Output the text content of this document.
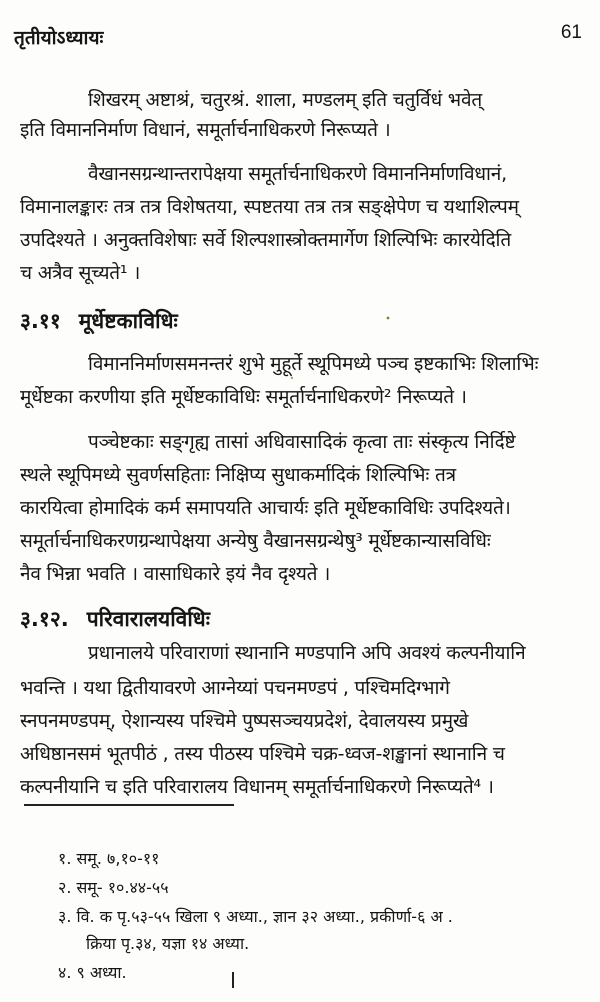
तृतीयोऽध्यायः	61
शिखरम् अष्टाश्रं, चतुरश्रं. शाला, मण्डलम् इति चतुर्विधं भवेत्
इति विमाननिर्माण विधानं, समूर्तार्चनाधिकरणे निरूप्यते ।
वैखानसग्रन्थान्तरापेक्षया समूर्तार्चनाधिकरणे विमाननिर्माणविधानं,
विमानालङ्कारः तत्र तत्र विशेषतया, स्पष्टतया तत्र तत्र सङ्क्षेपेण च यथाशिल्पम्
उपदिश्यते । अनुक्तविशेषाः सर्वे शिल्पशास्त्रोक्तमार्गेण शिल्पिभिः कारयेदिति
च अत्रैव सूच्यते¹ ।
३.११ मूर्धेष्टकाविधिः
विमाननिर्माणसमनन्तरं शुभे मुहूर्ते स्थूपिमध्ये पञ्च इष्टकाभिः शिलाभिः
मूर्धेष्टका करणीया इति मूर्धेष्टकाविधिः समूर्तार्चनाधिकरणे² निरूप्यते ।
पञ्चेष्टकाः सङ्गृह्य तासां अधिवासादिकं कृत्वा ताः संस्कृत्य निर्दिष्टे
स्थले स्थूपिमध्ये सुवर्णसहिताः निक्षिप्य सुधाकर्मादिकं शिल्पिभिः तत्र
कारयित्वा होमादिकं कर्म समापयति आचार्यः इति मूर्धेष्टकाविधिः उपदिश्यते।
समूर्तार्चनाधिकरणग्रन्थापेक्षया अन्येषु वैखानसग्रन्थेषु³ मूर्धेष्टकान्यासविधिः
नैव भिन्ना भवति । वासाधिकारे इयं नैव दृश्यते ।
३.१२. परिवारालयविधिः
प्रधानालये परिवाराणां स्थानानि मण्डपानि अपि अवश्यं कल्पनीयानि
भवन्ति । यथा द्वितीयावरणे आग्नेय्यां पचनमण्डपं , पश्चिमदिग्भागे
स्नपनमण्डपम्, ऐशान्यस्य पश्चिमे पुष्पसञ्चयप्रदेशं, देवालयस्य प्रमुखे
अधिष्ठानसमं भूतपीठं , तस्य पीठस्य पश्चिमे चक्र-ध्वज-शङ्खानां स्थानानि च
कल्पनीयानि च इति परिवारालय विधानम् समूर्तार्चनाधिकरणे निरूप्यते⁴ ।
१. समू. ७,१०-११
२. समू- १०.४४-५५
३. वि. क पृ.५३-५५ खिला ९ अध्या., ज्ञान ३२ अध्या., प्रकीर्णा-६ अ .
क्रिया पृ.३४, यज्ञा १४ अध्या.
४. ९ अध्या.
